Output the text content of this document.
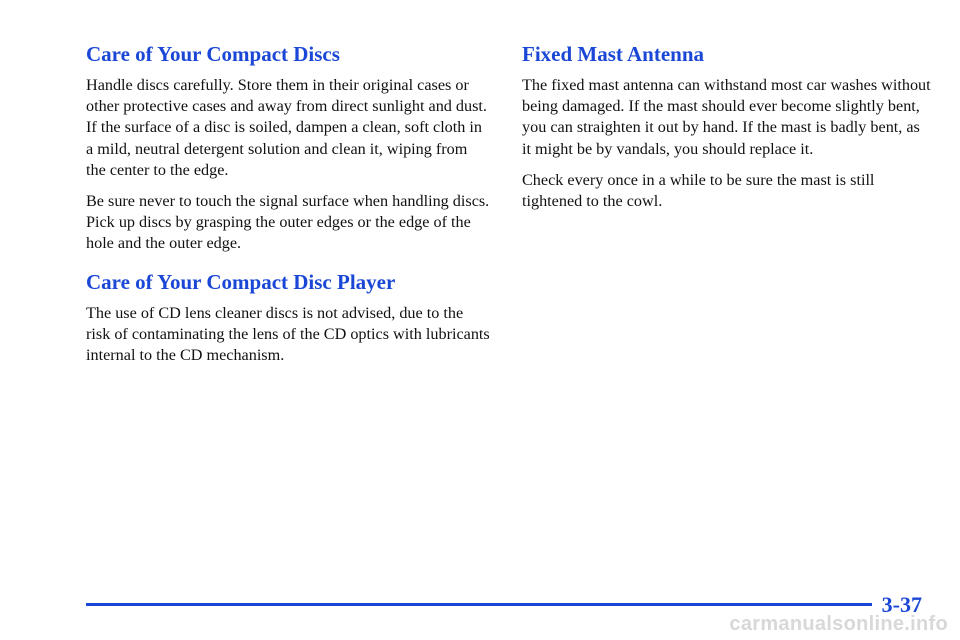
Care of Your Compact Discs

Handle discs carefully. Store them in their original cases or other protective cases and away from direct sunlight and dust. If the surface of a disc is soiled, dampen a clean, soft cloth in a mild, neutral detergent solution and clean it, wiping from the center to the edge.

Be sure never to touch the signal surface when handling discs. Pick up discs by grasping the outer edges or the edge of the hole and the outer edge.

Care of Your Compact Disc Player

The use of CD lens cleaner discs is not advised, due to the risk of contaminating the lens of the CD optics with lubricants internal to the CD mechanism.

Fixed Mast Antenna

The fixed mast antenna can withstand most car washes without being damaged. If the mast should ever become slightly bent, you can straighten it out by hand. If the mast is badly bent, as it might be by vandals, you should replace it.

Check every once in a while to be sure the mast is still tightened to the cowl.

3-37
carmanualsonline.info
